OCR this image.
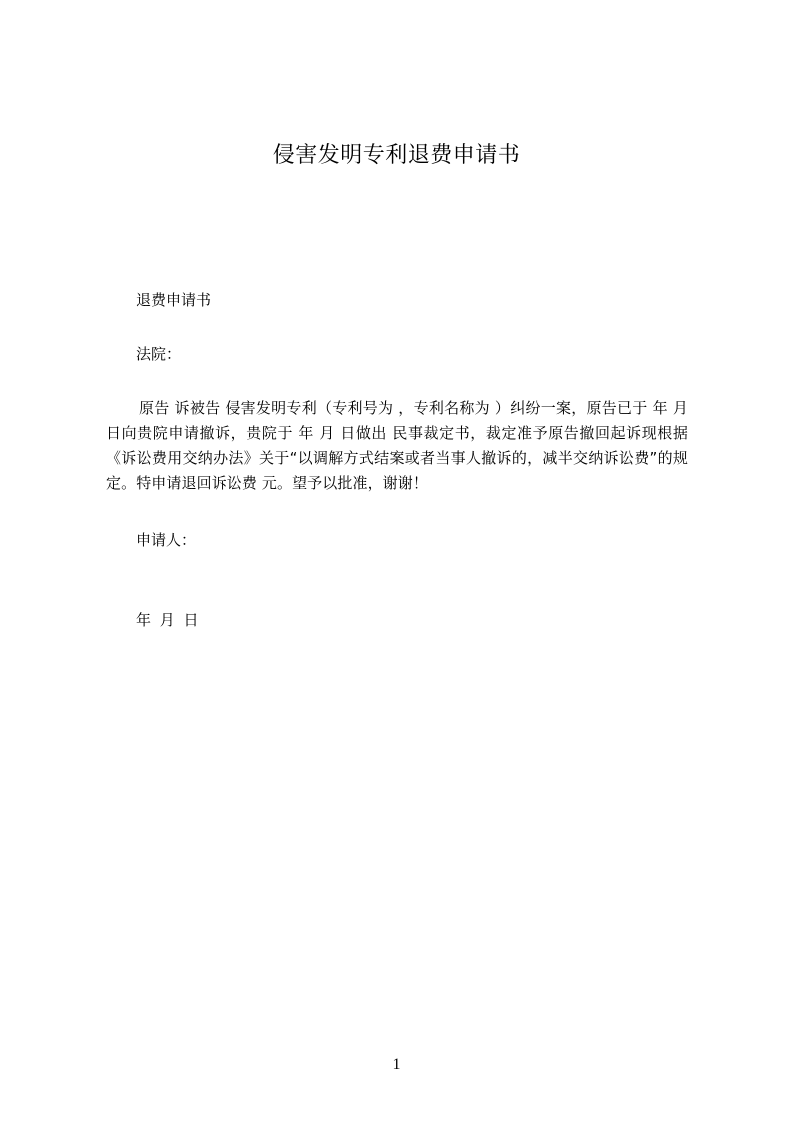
侵害发明专利退费申请书
退费申请书
法院：
原告 诉被告 侵害发明专利（专利号为 ，专利名称为 ）纠纷一案，原告已于 年 月 日向贵院申请撤诉，贵院于 年 月 日做出 民事裁定书，裁定准予原告撤回起诉现根据《诉讼费用交纳办法》关于“以调解方式结案或者当事人撤诉的，减半交纳诉讼费”的规定。特申请退回诉讼费 元。望予以批准，谢谢！
申请人：
年 月 日
1
